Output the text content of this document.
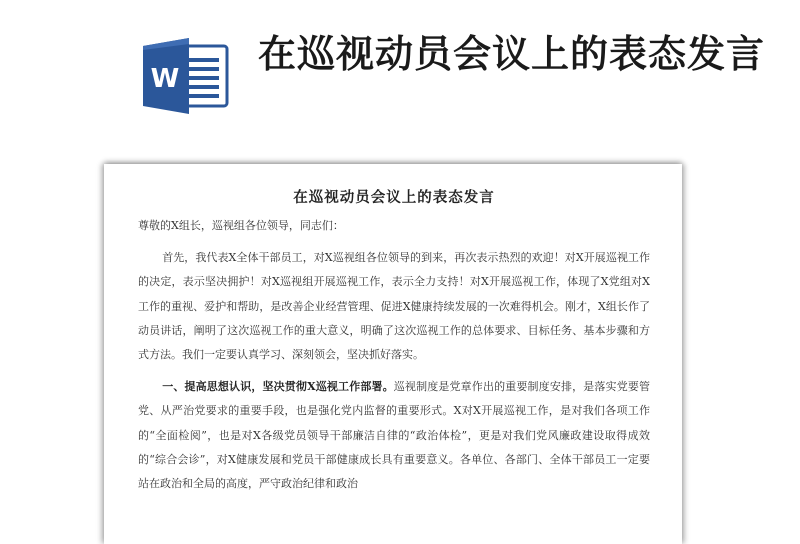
W
在巡视动员会议上的表态发言
在巡视动员会议上的表态发言

尊敬的X组长，巡视组各位领导，同志们：

首先，我代表X全体干部员工，对X巡视组各位领导的到来，再次表示热烈的欢迎！对X开展巡视工作的决定，表示坚决拥护！对X巡视组开展巡视工作，表示全力支持！对X开展巡视工作，体现了X党组对X工作的重视、爱护和帮助，是改善企业经营管理、促进X健康持续发展的一次难得机会。刚才，X组长作了动员讲话，阐明了这次巡视工作的重大意义，明确了这次巡视工作的总体要求、目标任务、基本步骤和方式方法。我们一定要认真学习、深刻领会，坚决抓好落实。

一、提高思想认识，坚决贯彻X巡视工作部署。巡视制度是党章作出的重要制度安排，是落实党要管党、从严治党要求的重要手段，也是强化党内监督的重要形式。X对X开展巡视工作，是对我们各项工作的“全面检阅”，也是对X各级党员领导干部廉洁自律的“政治体检”，更是对我们党风廉政建设取得成效的“综合会诊”，对X健康发展和党员干部健康成长具有重要意义。各单位、各部门、全体干部员工一定要站在政治和全局的高度，严守政治纪律和政治
